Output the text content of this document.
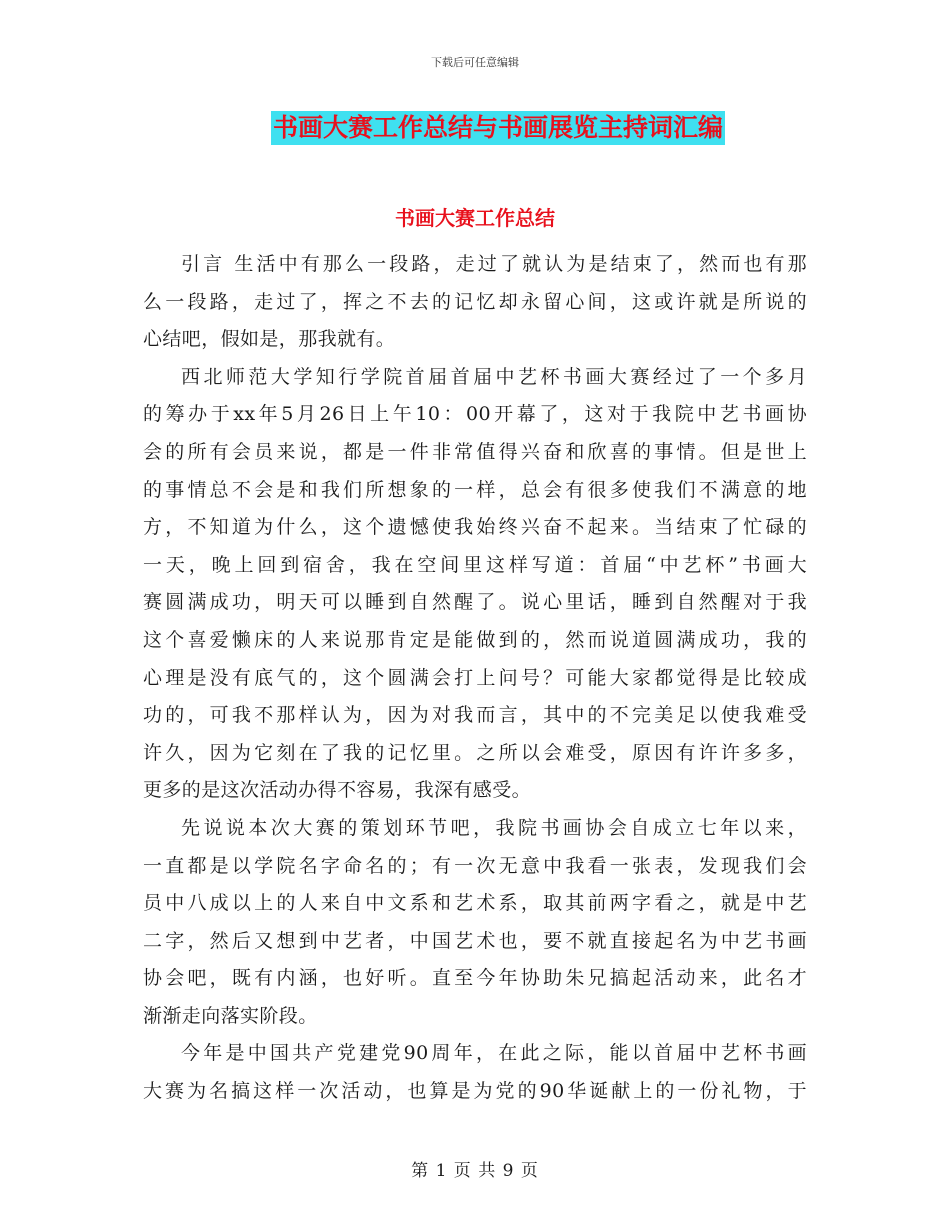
下载后可任意编辑
书画大赛工作总结与书画展览主持词汇编
书画大赛工作总结
引言 生活中有那么一段路，走过了就认为是结束了，然而也有那
么一段路，走过了，挥之不去的记忆却永留心间，这或许就是所说的
心结吧，假如是，那我就有。
西北师范大学知行学院首届首届中艺杯书画大赛经过了一个多月
的筹办于xx年5月26日上午10：00开幕了，这对于我院中艺书画协
会的所有会员来说，都是一件非常值得兴奋和欣喜的事情。但是世上
的事情总不会是和我们所想象的一样，总会有很多使我们不满意的地
方，不知道为什么，这个遗憾使我始终兴奋不起来。当结束了忙碌的
一天，晚上回到宿舍，我在空间里这样写道：首届“中艺杯”书画大
赛圆满成功，明天可以睡到自然醒了。说心里话，睡到自然醒对于我
这个喜爱懒床的人来说那肯定是能做到的，然而说道圆满成功，我的
心理是没有底气的，这个圆满会打上问号？可能大家都觉得是比较成
功的，可我不那样认为，因为对我而言，其中的不完美足以使我难受
许久，因为它刻在了我的记忆里。之所以会难受，原因有许许多多，
更多的是这次活动办得不容易，我深有感受。
先说说本次大赛的策划环节吧，我院书画协会自成立七年以来，
一直都是以学院名字命名的；有一次无意中我看一张表，发现我们会
员中八成以上的人来自中文系和艺术系，取其前两字看之，就是中艺
二字，然后又想到中艺者，中国艺术也，要不就直接起名为中艺书画
协会吧，既有内涵，也好听。直至今年协助朱兄搞起活动来，此名才
渐渐走向落实阶段。
今年是中国共产党建党90周年，在此之际，能以首届中艺杯书画
大赛为名搞这样一次活动，也算是为党的90华诞献上的一份礼物，于
第 1 页 共 9 页
